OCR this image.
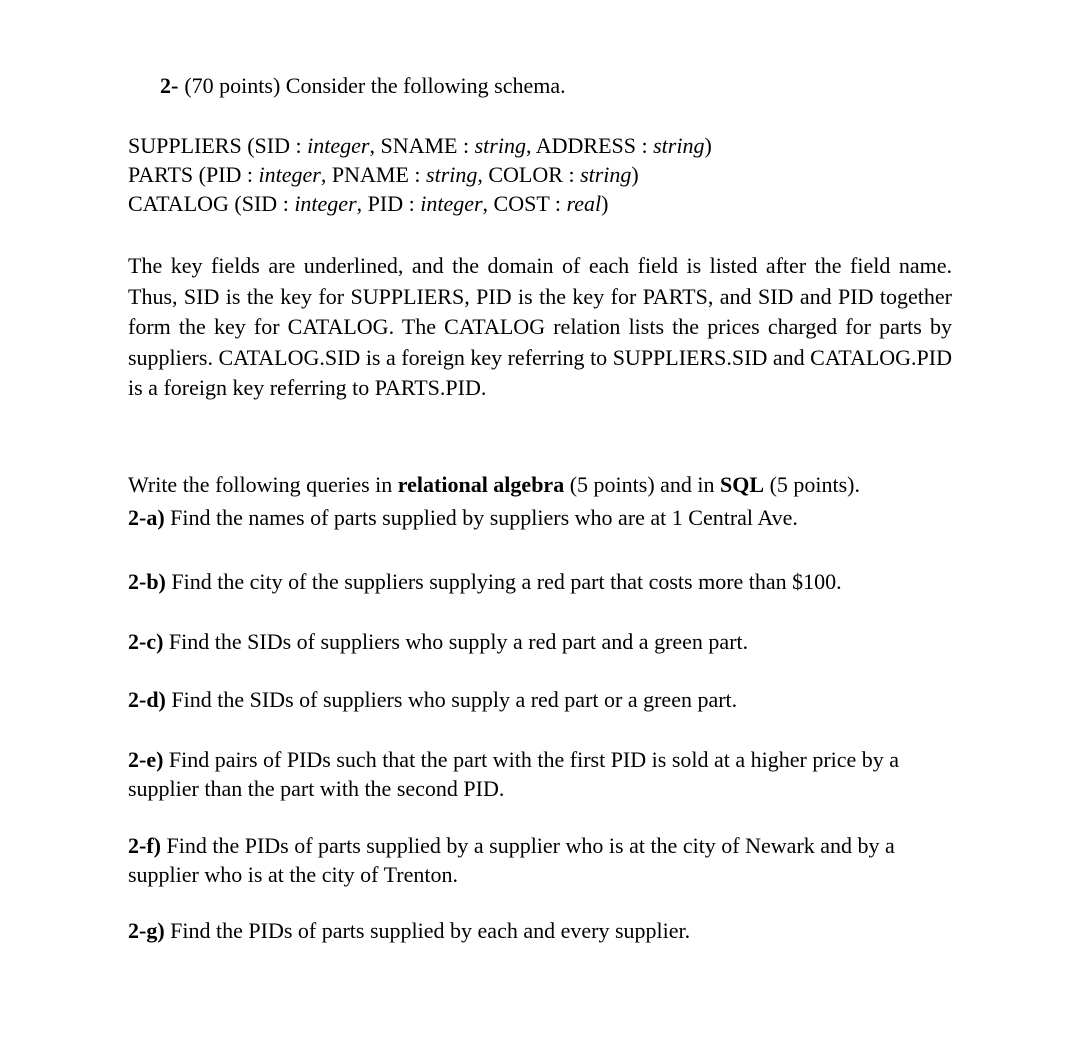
2- (70 points) Consider the following schema.
SUPPLIERS (SID : integer, SNAME : string, ADDRESS : string)
PARTS (PID : integer, PNAME : string, COLOR : string)
CATALOG (SID : integer, PID : integer, COST : real)
The key fields are underlined, and the domain of each field is listed after the field name. Thus, SID is the key for SUPPLIERS, PID is the key for PARTS, and SID and PID together form the key for CATALOG. The CATALOG relation lists the prices charged for parts by suppliers. CATALOG.SID is a foreign key referring to SUPPLIERS.SID and CATALOG.PID is a foreign key referring to PARTS.PID.
Write the following queries in relational algebra (5 points) and in SQL (5 points).
2-a) Find the names of parts supplied by suppliers who are at 1 Central Ave.
2-b) Find the city of the suppliers supplying a red part that costs more than $100.
2-c) Find the SIDs of suppliers who supply a red part and a green part.
2-d) Find the SIDs of suppliers who supply a red part or a green part.
2-e) Find pairs of PIDs such that the part with the first PID is sold at a higher price by a supplier than the part with the second PID.
2-f) Find the PIDs of parts supplied by a supplier who is at the city of Newark and by a supplier who is at the city of Trenton.
2-g) Find the PIDs of parts supplied by each and every supplier.
